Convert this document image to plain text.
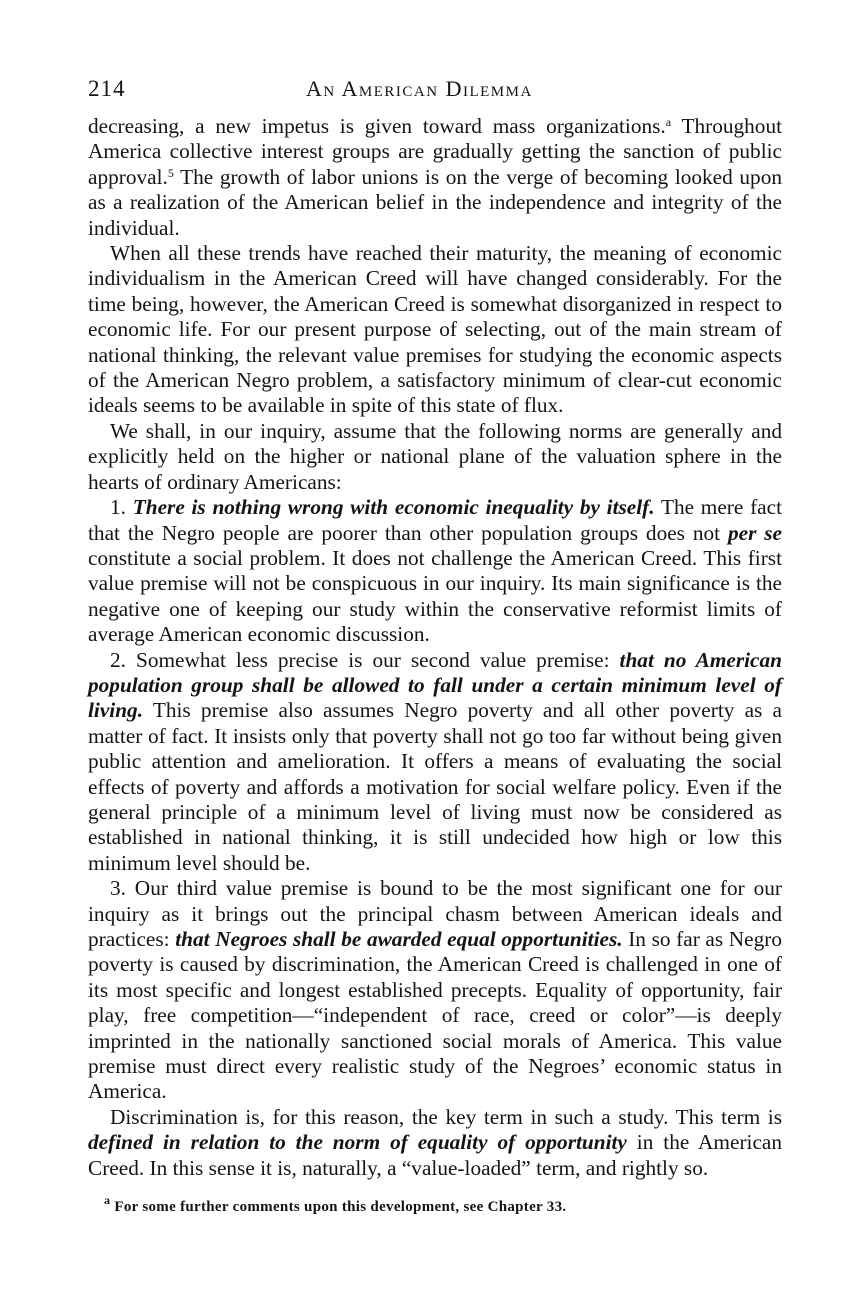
214	An American Dilemma

decreasing, a new impetus is given toward mass organizations.$^a$ Throughout America collective interest groups are gradually getting the sanction of public approval.$^5$ The growth of labor unions is on the verge of becoming looked upon as a realization of the American belief in the independence and integrity of the individual.

When all these trends have reached their maturity, the meaning of economic individualism in the American Creed will have changed considerably. For the time being, however, the American Creed is somewhat disorganized in respect to economic life. For our present purpose of selecting, out of the main stream of national thinking, the relevant value premises for studying the economic aspects of the American Negro problem, a satisfactory minimum of clear-cut economic ideals seems to be available in spite of this state of flux.

We shall, in our inquiry, assume that the following norms are generally and explicitly held on the higher or national plane of the valuation sphere in the hearts of ordinary Americans:

1. There is nothing wrong with economic inequality by itself. The mere fact that the Negro people are poorer than other population groups does not per se constitute a social problem. It does not challenge the American Creed. This first value premise will not be conspicuous in our inquiry. Its main significance is the negative one of keeping our study within the conservative reformist limits of average American economic discussion.

2. Somewhat less precise is our second value premise: that no American population group shall be allowed to fall under a certain minimum level of living. This premise also assumes Negro poverty and all other poverty as a matter of fact. It insists only that poverty shall not go too far without being given public attention and amelioration. It offers a means of evaluating the social effects of poverty and affords a motivation for social welfare policy. Even if the general principle of a minimum level of living must now be considered as established in national thinking, it is still undecided how high or low this minimum level should be.

3. Our third value premise is bound to be the most significant one for our inquiry as it brings out the principal chasm between American ideals and practices: that Negroes shall be awarded equal opportunities. In so far as Negro poverty is caused by discrimination, the American Creed is challenged in one of its most specific and longest established precepts. Equality of opportunity, fair play, free competition—“independent of race, creed or color”—is deeply imprinted in the nationally sanctioned social morals of America. This value premise must direct every realistic study of the Negroes’ economic status in America.

Discrimination is, for this reason, the key term in such a study. This term is defined in relation to the norm of equality of opportunity in the American Creed. In this sense it is, naturally, a “value-loaded” term, and rightly so.

$^a$ For some further comments upon this development, see Chapter 33.
